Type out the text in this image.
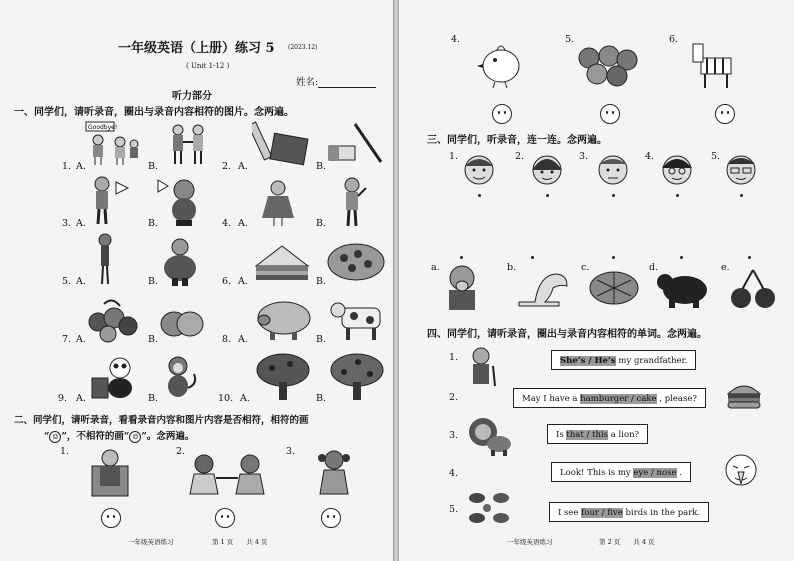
一年级英语（上册）练习 5 (2023.12)
( Unit 1-12 )
姓名:
听力部分
一、同学们，请听录音，圈出与录音内容相符的图片。念两遍。
Goodbye!
1. A.	B.	2. A.	B.
3. A.	B.	4. A.	B.
5. A.	B.	6. A.	B.
7. A.	B.	8. A.	B.
9. A.	B.	10. A.	B.
二、同学们，请听录音，看看录音内容和图片内容是否相符，相符的画
“ ☺ ”，不相符的画“ ☹ ”。念两遍。
1.	2.	3.
一年级英语练习	第 1 页　　共 4 页
4.	5.	6.
三、同学们，听录音，连一连。念两遍。
1.	2.	3.	4.	5.
a.	b.	c.	d.	e.
四、同学们，请听录音，圈出与录音内容相符的单词。念两遍。
1.	She’s / He’s my grandfather.
2.	May I have a hamburger / cake , please?
3.	Is that / this a lion?
4.	Look! This is my eye / nose .
5.	I see four / five birds in the park.
一年级英语练习	第 2 页　　共 4 页
